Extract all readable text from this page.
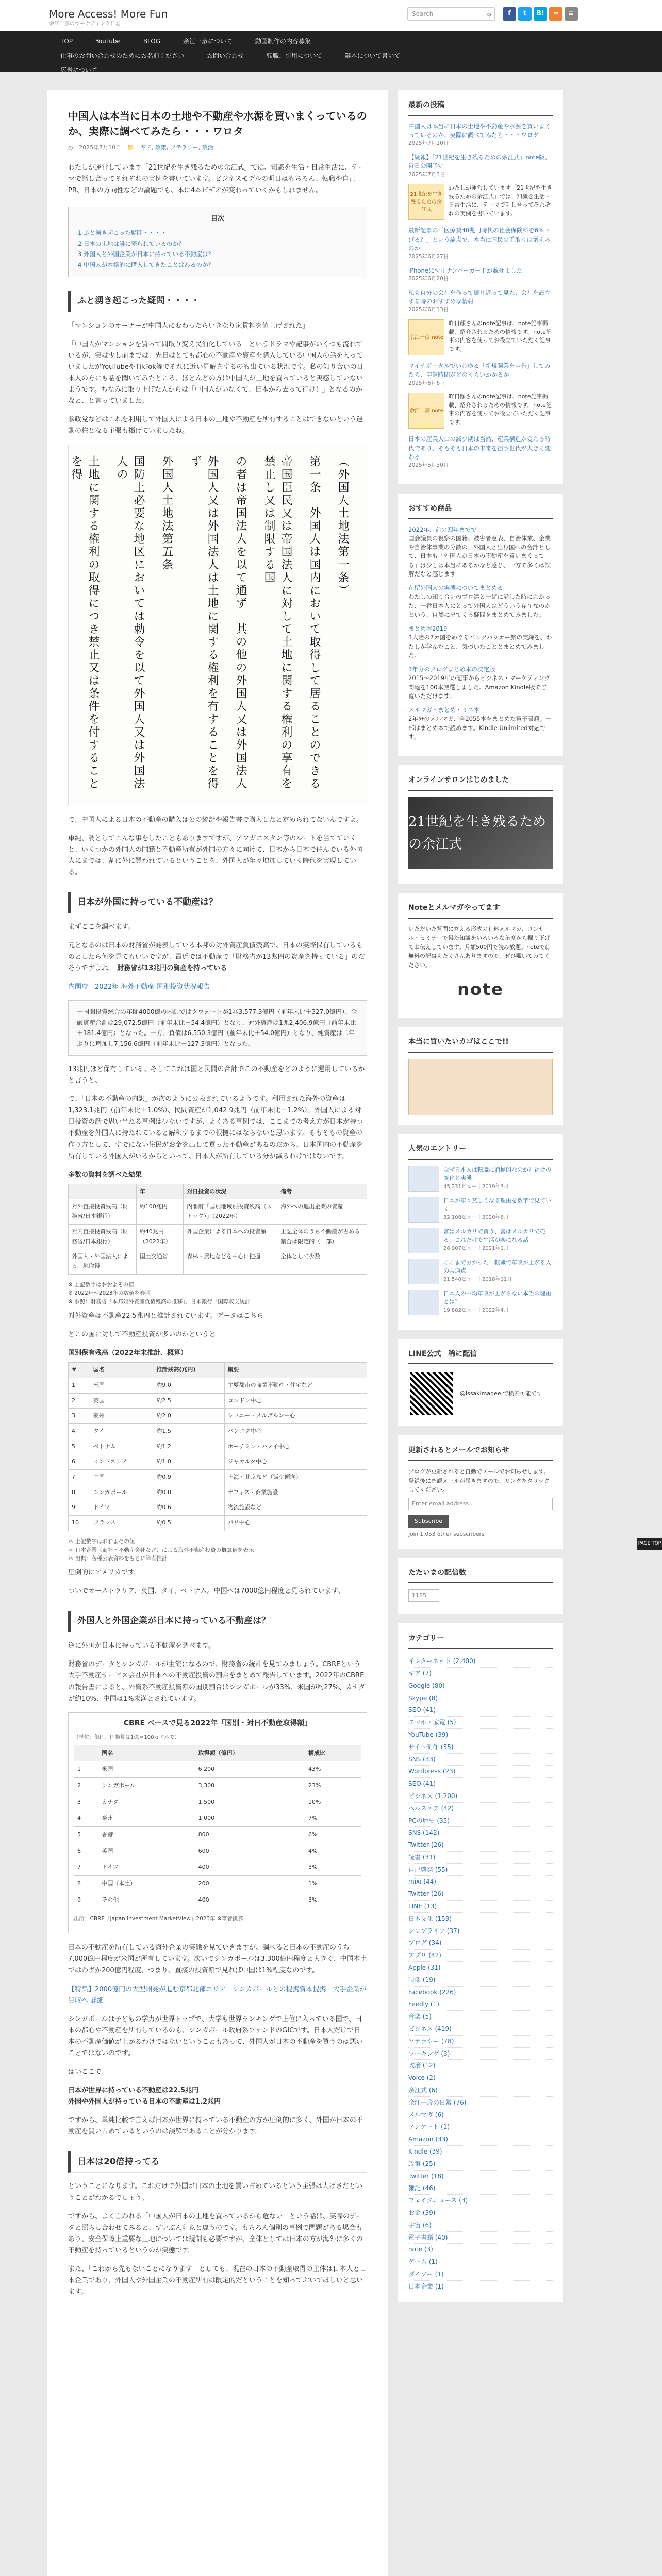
More Access! More Fun
余江一彦のマーケティング日記
Search	⚲	f	t	B!	≈	≡
TOP	YouTube	BLOG	余江一彦について	動画制作の内容募集
仕事のお問い合わせのためにお名前ください	お問い合わせ	転職、引用について	鍵本について書いて
広告について
中国人は本当に日本の土地や不動産や水源を買いまくっているのか、実際に調べてみたら・・・ワロタ
◴ 2025年7月10日 📁 ギア, 政策, ソテラシー, 政治

わたしが運営しています「21世紀を生き残るための余江式」では、知識を生活・日常生活に、テーマで話し合ってそれぞれの実例を書いています。ビジネスモデルの明日はもちろん、転職や自己PR、日本の方向性などの論題でも、本に4本ビデオが変わっていくかもしれません。

目次
1 ふと湧き起こった疑問・・・・
2 日本の土地は誰に売られているのか？
3 外国人と外国企業が日本に持っている不動産は？
4 中国人が本格的に購入してきたことはあるのか？
ふと湧き起こった疑問・・・・

「マンションのオーナーが中国人に変わったらいきなり家賃料を値上げされた」

「中国人がマンションを買って間取り変え民泊化している」というドラマや記事がいくつも流れているが、実は少し前までは、先日はとても都心の不動産や資産を購入している中国人の話を入っていましたがYouTubeやTikTok等でそれに近い見解をするのも出ている状況です。私の知り合いの日本人の方にも話を聞いてみたところ、ほとんどの方は中国人が土地を買っていると実感していないようです。ちなみに取り上げた人からは「中国人がいなくて、日本から去って行け！」となるのかなと、と言っていました。

参政党などはこれを利用して外国人による日本の土地や不動産を所有することはできないという運動の柱となる主張も掲げていましたね。

（外国人土地法第一条）
第一条　外国人は国内において取得して居ることのできる
帝国臣民又は帝国法人に対して土地に関する権利の享有を禁止し又は制限する国
の者は帝国法人を以て通ず　其の他の外国人又は外国法人
外国人又は外国法人は土地に関する権利を有することを得ず
外国人土地法第五条
国防上必要な地区においては勅令を以て外国人又は外国法人の
土地に関する権利の取得につき禁止又は条件を付することを得

で、中国人による日本の不動産の購入は公の統計や報告書で購入したと定められてないんですよ。

単純、調としてこんな事をしたこともありますですが、アフガニスタン等のルートを当てていくと、いくつかの外国人の国籍と不動産所有が外国の方々に向けて、日本から日本で住んでいる外国人にまでは、割に外に買われているということを、外国人が年々増加していく時代を実現している。

日本が外国に持っている不動産は？

まずここを調べます。

元となるのは日本の財務省が発表している本邦の対外資産負債残高で、日本の実際保有しているものとしたら何を見てもいいですが、最近では不動産で「財務省が13兆円の資産を持っている」のだそうですよね。 財務省が13兆円の資産を持っている

内閣府　2022年 海外不動産 国別投資状況報告

一国間投資総合の年間4000億の内訳ではクウェートが1兆3,577.3億円（前年末比＋327.0億円）、金融資産合計は29,072.5億円（前年末比＋54.4億円）となり、対外資産は1兆2,406.9億円（前年末比＋181.4億円）となった。一方、負債は6,550.3億円（前年末比＋54.0億円）となり、純資産は二年ぶりに増加し7,156.6億円（前年末比＋127.3億円）となった。

13兆円ほど保有している。そしてこれは国と民間の合計でこの不動産をどのように運用しているかと言うと、

で、「日本の不動産の内訳」が次のように公表されているようです。利用された海外の資産は1,323.1兆円（前年末比＋1.0%）、民間資産が1,042.9兆円（前年末比＋1.2%）。外国人による対日投資の話で思い当たる事例は少ないですが、よくある事例では、ここまでの考え方が日本が持つ不動産を外国人に持たれていると解釈するまでの根拠にはならないと思います。そもそもの資産の作り方として、すでにない住民がお金を出して買った不動産があるのだから。日本国内の不動産を所有している外国人がいるからといって、日本人が所有している分が減るわけではないです。

多数の資料を調べた結果
	年	対日投資の状況	備考
対外直接投資残高（財務省/日本銀行）	約100兆円	内閣府「国別地域別投資残高（ストック）」（2022年）	海外への進出企業の資産
対内直接投資残高（財務省/日本銀行）	約40兆円（2022年）	外国企業による日本への投資額	上記全体のうち不動産が占める割合は限定的（一部）
外国人・外国法人による土地取得	国土交通省	森林・農地などを中心に把握	全体として少数
※ 上記数字はおおよその値
※ 2022年～2023年の数値を参照
※ 参照：財務省「本邦対外資産負債残高の推移」、日本銀行「国際収支統計」

対外資産は不動産22.5兆円と推計されています。データはこちら

どこの国に対して不動産投資が多いのかというと

国別保有残高（2022年末推計、概算）
#	国名	推計残高(兆円)	概要
1	米国	約9.0	主要都市の商業不動産・住宅など
2	英国	約2.5	ロンドン中心
3	豪州	約2.0	シドニー・メルボルン中心
4	タイ	約1.5	バンコク中心
5	ベトナム	約1.2	ホーチミン・ハノイ中心
6	インドネシア	約1.0	ジャカルタ中心
7	中国	約0.9	上海・北京など（減少傾向）
8	シンガポール	約0.8	オフィス・商業施設
9	ドイツ	約0.6	物流施設など
10	フランス	約0.5	パリ中心
＊ 上記数字はおおよその値
＊ 日本企業（商社・不動産会社など）による海外不動産投資の概算値を表示
＊ 出典：各種公表資料をもとに筆者推計

圧倒的にアメリカです。

ついでオーストラリア、英国、タイ、ベトナム。中国へは7000億円程度と見られています。

外国人と外国企業が日本に持っている不動産は？

逆に外国が日本に持っている不動産を調べます。

財務省のデータとシンガポールが主流になるので、財務省の統計を見てみましょう。CBREという大手不動産サービス会社が日本への不動産投資の割合をまとめて報告しています。2022年のCBREの報告書によると、外資系不動産投資額の国別割合はシンガポールが33%、米国が約27%、カナダが約10%、中国は1%未満とされています。

CBRE ベースで見る2022年「国別・対日不動産取得額」
（単位：億円、円換算は1億＝100万ドルで）
	国名	取得額（億円）	構成比
1	米国	6,200	43%
2	シンガポール	3,300	23%
3	カナダ	1,500	10%
4	豪州	1,000	7%
5	香港	800	6%
6	英国	600	4%
7	ドイツ	400	3%
8	中国（本土）	200	1%
9	その他	400	3%
出所：CBRE「Japan Investment MarketView」2023年 ※筆者換算

日本の不動産を所有している海外企業の実態を見ていきますが、調べると日本の不動産のうち7,000億円程度が米国が所有しています。次いでシンガポールは3,300億円程度と大きく、中国本土ではわずか200億円程度、つまり、直接の投資額で見れば中国は1%程度なのです。

【特集】2000億円の大型開発が進む京都北部エリア　シンガポールとの提携資本提携　大手企業が買収へ 詳細

シンガポールは子どもの学力が世界トップで、大学も世界ランキングで上位に入っている国で、日本の都心や不動産を所有しているのも、シンガポール政府系ファンドのGICです。日本人だけで日本の不動産価値が上がるわけではないということもあって、外国人が日本の不動産を買うのは悪いことではないのです。

はいここで

日本が世界に持っている不動産は22.5兆円
外国や外国人が持っている日本の不動産は1.2兆円

ですから、単純比較で言えば日本が世界に持っている不動産の方が圧倒的に多く、外国が日本の不動産を買い占めているというのは誤解であることが分かります。

日本は20倍持ってる

ということになります。これだけで外国が日本の土地を買い占めているという主張は大げさだということがわかるでしょう。

ですから、よく言われる「中国人が日本の土地を買っているから危ない」という話は、実際のデータと照らし合わせてみると、ずいぶん印象と違うのです。もちろん個別の事例で問題がある場合もあり、安全保障上重要な土地については規制も必要ですが、全体としては日本の方が海外に多くの不動産を持っているというのが実態です。

また、「これから先もないことになります」としても、現在の日本の不動産取得の主体は日本人と日本企業であり、外国人や外国企業の不動産所有は限定的だということを知っておいてほしいと思います。

最新の投稿
中国人は本当に日本の土地や不動産や水源を買いまくっているのか、実際に調べてみたら・・・ワロタ
2025年7月10日
【続報】「21世紀を生き残るための余江式」note版、近日公開予定
2025年7月3日
21世紀を生き残るための余江式
わたしが運営しています「21世紀を生き残るための余江式」では、知識を生活・日常生活に、テーマで話し合ってそれぞれの実例を書いています。
最新記事の「医療費40兆円時代の社会保険料を6%下げる？」という論点で、本当に国民の手取りは増えるのか
2025年6月27日
iPhoneにマイナンバーカードが載せました
2025年6月20日
私も自分の会社を作って振り返って見た、会社を設立する時のおすすめな情報
2025年6月13日
余江一彦 note
昨日顔さんのnote記事は、note記事掲載、紹介されるための情報です。note記事の内容を使ってお役立ていただく記事です。
マイナポータルでいわゆる「新規開業を申告」してみたら、申請時間がどのくらいかかるか
2025年6月6日
余江一彦 note
昨日顔さんのnote記事は、note記事掲載、紹介されるための情報です。note記事の内容を使ってお役立ていただく記事です。
日本の産業人口の減少期は当然、産業構造が変わる時代であり、そもそも日本の未来を担う世代が大きく変わる
2025年5月30日
おすすめ商品
2022年、前の四年までで
国会議員の視察の国籍、被害者意表、自治体業、企業や自治体事業の分散の、外国人と出身国への合計として、日本も「外国人が日本の不動産を買いまくってる」は少しは本当にあるかなと感じ、一方で多くは誤解だなと感じます
在留外国人の実態についてまとめる
わたしの知り合いのプロ達と一緒に話した時にわかった、一番日本人にとって外国人はどういう存在なのかという、自然に出てくる疑問をまとめてみました。
まとめ本2019
3大陸の7カ国をめぐるバックパッカー旅の実録を、わたしが学んだこと、気づいたこととまとめてみました。
3年分のブログまとめ本の決定版
2015〜2019年の記事からビジネス・マーケティング関連を100本厳選しました。Amazon Kindle版でご覧いただけます。
メルマガ・まとめ・ミニ本
2年分のメルマガ、全2055本をまとめた電子書籍。一部はまとめ本で読めます。Kindle Unlimited対応です。
オンラインサロンはじめました
21世紀を生き残るための余江式
Noteとメルマガやってます
いただいた質問に答える形式の有料メルマガ、コンサル・セミナーで得た知識をいろいろな角度から掘り下げてお伝えしています。月額500円で読み放題。noteでは無料の記事もたくさんありますので、ぜひ覗いてみてください。
note
本当に買いたいカゴはここで!!
人気のエントリー
なぜ日本人は転職に消極的なのか？社会の変化と実態
45,231ビュー｜2019年3月
日本が年々貧しくなる理由を数字で見ていく
32,108ビュー｜2020年6月
富はメルカリで買う、富はメルカリで売る、これだけで生活が楽になる話
28,907ビュー｜2021年1月
ここまで分かった！転職で年収が上がる人の共通点
21,540ビュー｜2018年11月
日本人の平均年収が上がらない本当の理由とは？
19,882ビュー｜2022年4月
LINE公式　稀に配信
@issakimagee で検索可能です
更新されるとメールでお知らせ
ブログが更新されると自動でメールでお知らせします。登録後に確認メールが届きますので、リンクをクリックしてください。
Enter email address...
Subscribe
Join 1,053 other subscribers
たたいまの配信数
1185
カテゴリー
インターネット (2,400)
ギア (7)
Google (80)
Skype (8)
SEO (41)
スマホ・家電 (5)
YouTube (39)
サイト制作 (55)
SNS (33)
Wordpress (23)
SEO (41)
ビジネス (1,200)
ヘルスケア (42)
PCの歴史 (35)
SNS (142)
Twitter (26)
読書 (31)
自己啓発 (55)
mixi (44)
Twitter (26)
LINE (13)
日本文化 (153)
シンプライフ (37)
ブログ (34)
アプリ (42)
Apple (31)
映像 (19)
Facebook (226)
Feedly (1)
音楽 (5)
ビジネス (419)
ソテラシー (78)
ワーキング (3)
政治 (12)
Voice (2)
余江式 (6)
余江一彦の日常 (76)
メルマガ (6)
アンケート (1)
Amazon (33)
Kindle (39)
政策 (25)
Twitter (18)
雑記 (46)
フェイクニュース (3)
お金 (39)
宇宙 (6)
電子書籍 (40)
note (3)
ゲーム (1)
ダイソー (1)
日本企業 (1)
PAGE TOP
